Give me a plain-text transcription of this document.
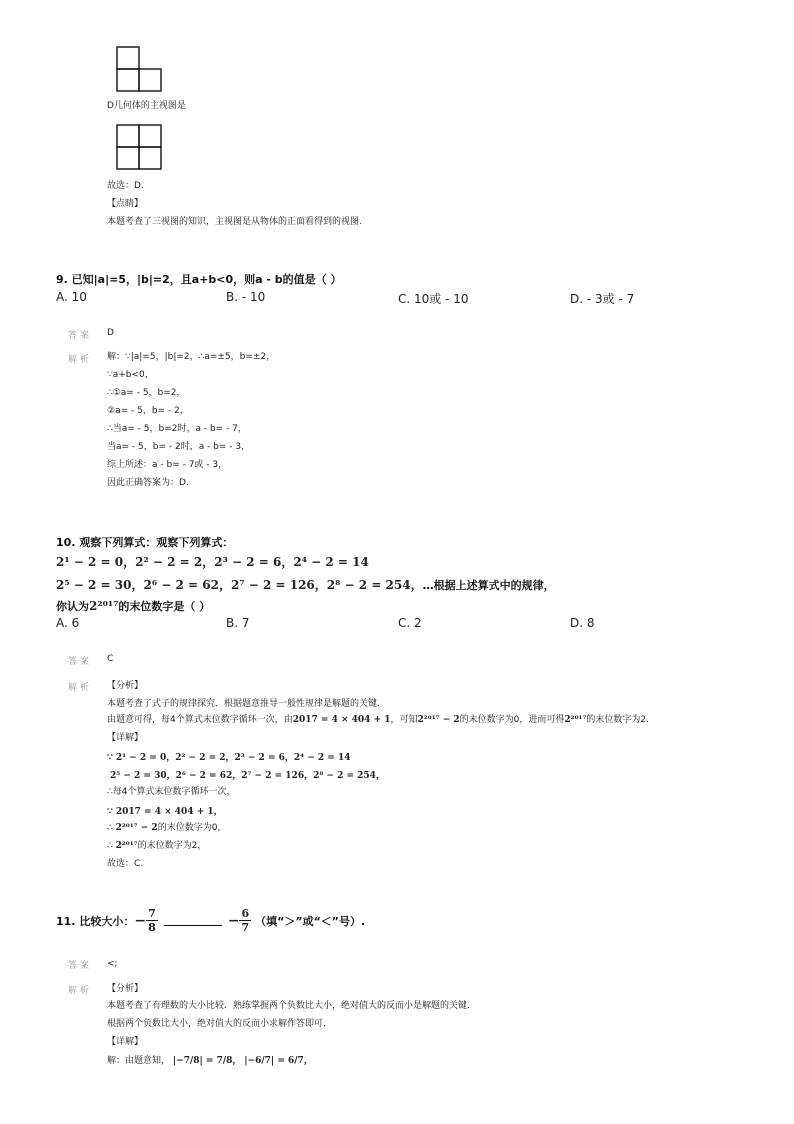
D几何体的主视图是
故选：D.
【点睛】
本题考查了三视图的知识，主视图是从物体的正面看得到的视图.
9. 已知|a|=5，|b|=2，且a+b<0，则a - b的值是（ ）
A. 10	B. - 10	C. 10或 - 10	D. - 3或 - 7
答案 D
解析 解：∵|a|=5，|b|=2，∴a=±5，b=±2，
∵a+b<0，
∴①a= - 5，b=2，
②a= - 5，b= - 2，
∴当a= - 5，b=2时，a - b= - 7，
当a= - 5，b= - 2时，a - b= - 3，
综上所述：a - b= - 7或 - 3，
因此正确答案为：D.
10. 观察下列算式：观察下列算式：
2¹ − 2 = 0，2² − 2 = 2，2³ − 2 = 6，2⁴ − 2 = 14
2⁵ − 2 = 30，2⁶ − 2 = 62，2⁷ − 2 = 126，2⁸ − 2 = 254，…根据上述算式中的规律，
你认为2²⁰¹⁷的末位数字是（ ）
A. 6	B. 7	C. 2	D. 8
答案 C
解析 【分析】
本题考查了式子的规律探究．根据题意推导一般性规律是解题的关键．
由题意可得，每4个算式末位数字循环一次，由2017 = 4 × 404 + 1，可知2²⁰¹⁷ − 2的末位数字为0，进而可得2²⁰¹⁷的末位数字为2.
【详解】
∵ 2¹ − 2 = 0，2² − 2 = 2，2³ − 2 = 6，2⁴ − 2 = 14
2⁵ − 2 = 30，2⁶ − 2 = 62，2⁷ − 2 = 126，2⁸ − 2 = 254，
∴每4个算式末位数字循环一次，
∵ 2017 = 4 × 404 + 1，
∴ 2²⁰¹⁷ − 2的末位数字为0，
∴ 2²⁰¹⁷的末位数字为2，
故选：C.
11. 比较大小： − $\frac{7}{8}$	− $\frac{6}{7}$ （填“＞”或“＜”号）.
答案 <;
解析 【分析】
本题考查了有理数的大小比较．熟练掌握两个负数比大小，绝对值大的反而小是解题的关键．
根据两个负数比大小，绝对值大的反而小求解作答即可．
【详解】
解：由题意知， |−7/8| = 7/8， |−6/7| = 6/7，
